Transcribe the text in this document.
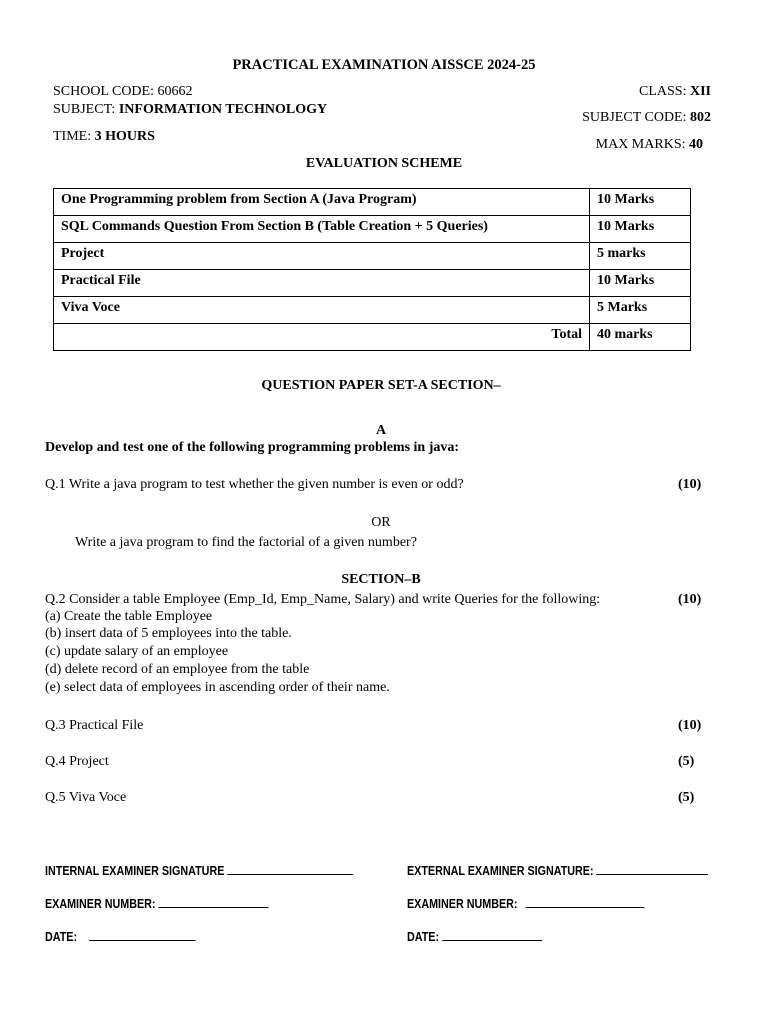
PRACTICAL EXAMINATION AISSCE 2024-25
SCHOOL CODE: 60662
SUBJECT: INFORMATION TECHNOLOGY
TIME: 3 HOURS
CLASS: XII
SUBJECT CODE: 802
MAX MARKS: 40
EVALUATION SCHEME
One Programming problem from Section A (Java Program)	10 Marks
SQL Commands Question From Section B (Table Creation + 5 Queries)	10 Marks
Project	5 marks
Practical File	10 Marks
Viva Voce	5 Marks
Total	40 marks
QUESTION PAPER SET-A SECTION–
A
Develop and test one of the following programming problems in java:
Q.1 Write a java program to test whether the given number is even or odd?	(10)
OR
Write a java program to find the factorial of a given number?
SECTION–B
Q.2 Consider a table Employee (Emp_Id, Emp_Name, Salary) and write Queries for the following:	(10)
(a) Create the table Employee
(b) insert data of 5 employees into the table.
(c) update salary of an employee
(d) delete record of an employee from the table
(e) select data of employees in ascending order of their name.
Q.3 Practical File	(10)
Q.4 Project	(5)
Q.5 Viva Voce	(5)
INTERNAL EXAMINER SIGNATURE	EXTERNAL EXAMINER SIGNATURE:
EXAMINER NUMBER:	EXAMINER NUMBER:
DATE:	DATE:
